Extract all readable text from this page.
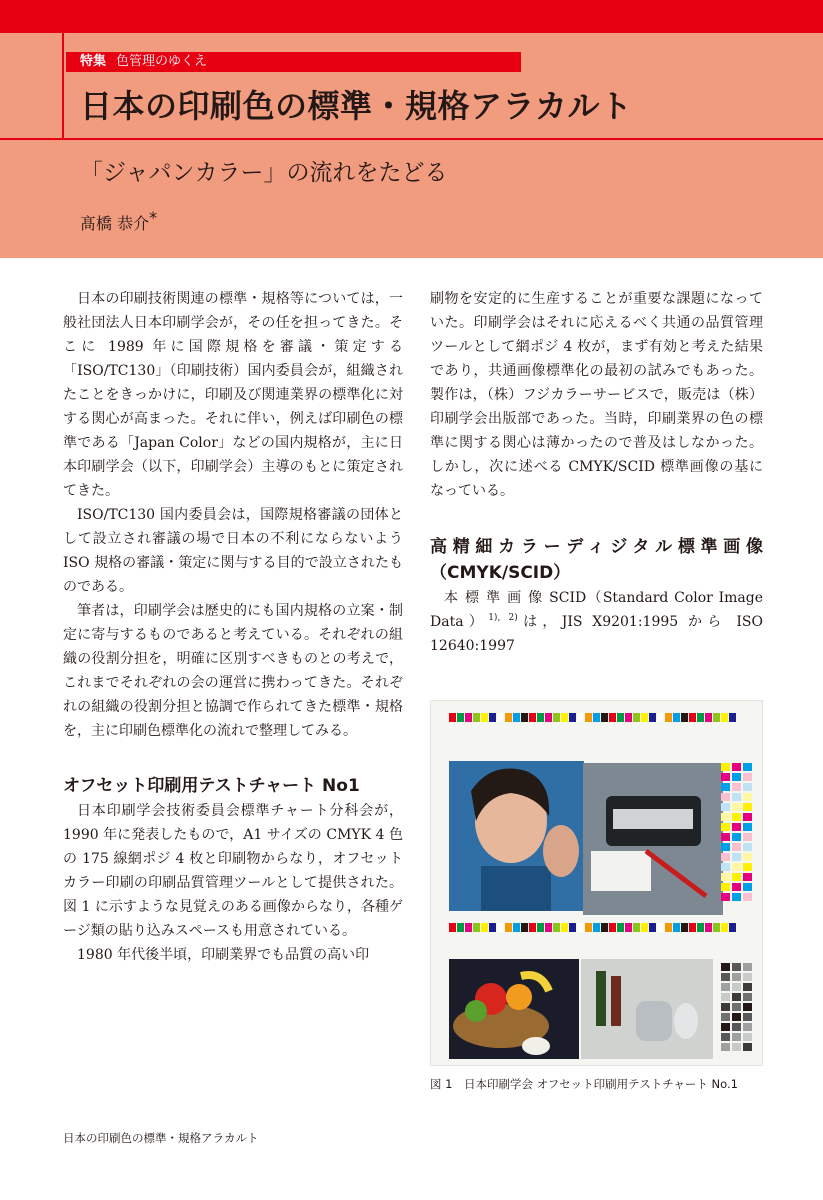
特集 色管理のゆくえ
日本の印刷色の標準・規格アラカルト
「ジャパンカラー」の流れをたどる
髙橋 恭介*

日本の印刷技術関連の標準・規格等については，一般社団法人日本印刷学会が，その任を担ってきた。そこに 1989 年に国際規格を審議・策定する「ISO/TC130」（印刷技術）国内委員会が，組織されたことをきっかけに，印刷及び関連業界の標準化に対する関心が高まった。それに伴い，例えば印刷色の標準である「Japan Color」などの国内規格が，主に日本印刷学会（以下，印刷学会）主導のもとに策定されてきた。

ISO/TC130 国内委員会は，国際規格審議の団体として設立され審議の場で日本の不利にならないよう ISO 規格の審議・策定に関与する目的で設立されたものである。

筆者は，印刷学会は歴史的にも国内規格の立案・制定に寄与するものであると考えている。それぞれの組織の役割分担を，明確に区別すべきものとの考えで，これまでそれぞれの会の運営に携わってきた。それぞれの組織の役割分担と協調で作られてきた標準・規格を，主に印刷色標準化の流れで整理してみる。

オフセット印刷用テストチャート No1

日本印刷学会技術委員会標準チャート分科会が，1990 年に発表したもので，A1 サイズの CMYK 4 色の 175 線網ポジ 4 枚と印刷物からなり，オフセットカラー印刷の印刷品質管理ツールとして提供された。図 1 に示すような見覚えのある画像からなり，各種ゲージ類の貼り込みスペースも用意されている。

1980 年代後半頃，印刷業界でも品質の高い印

刷物を安定的に生産することが重要な課題になっていた。印刷学会はそれに応えるべく共通の品質管理ツールとして網ポジ 4 枚が，まず有効と考えた結果であり，共通画像標準化の最初の試みでもあった。製作は，（株）フジカラーサービスで，販売は（株）印刷学会出版部であった。当時，印刷業界の色の標準に関する関心は薄かったので普及はしなかった。しかし，次に述べる CMYK/SCID 標準画像の基になっている。

高精細カラーディジタル標準画像（CMYK/SCID）

本 標 準 画 像 SCID（Standard Color Image Data）$^{1), 2)}$は，JIS X9201:1995 から ISO 12640:1997

図 1　日本印刷学会 オフセット印刷用テストチャート No.1
日本の印刷色の標準・規格アラカルト
